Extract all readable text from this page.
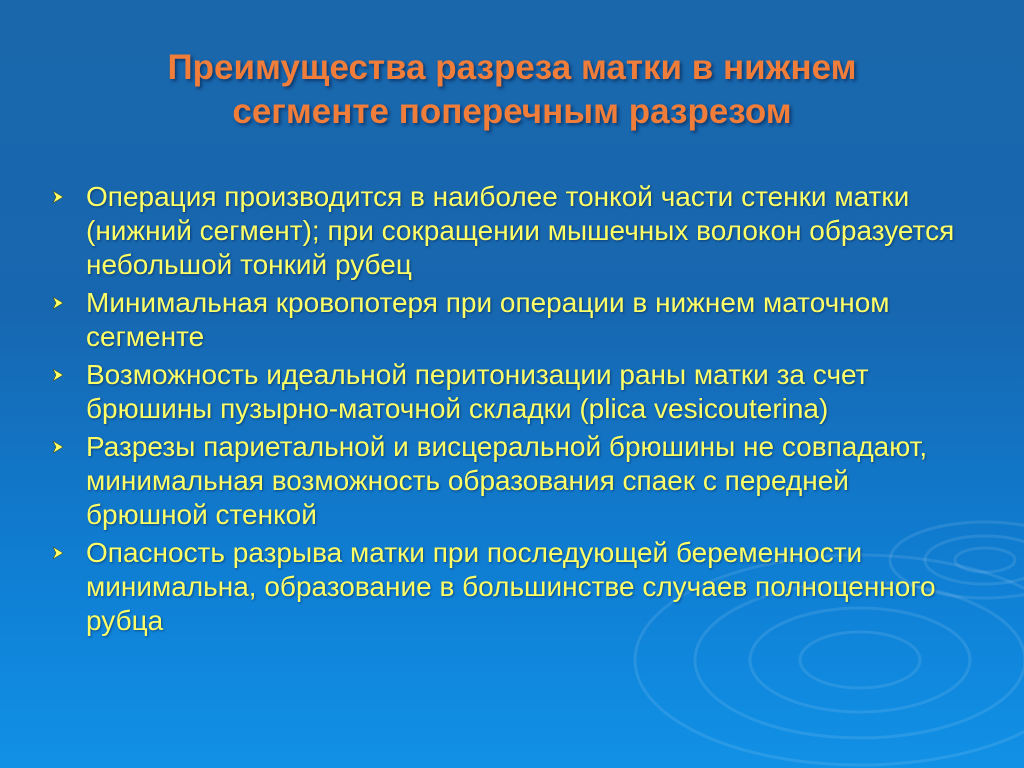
Преимущества разреза матки в нижнем
сегменте поперечным разрезом
Операция производится в наиболее тонкой части стенки матки (нижний сегмент); при сокращении мышечных волокон образуется небольшой тонкий рубец
Минимальная кровопотеря при операции в нижнем маточном сегменте
Возможность идеальной перитонизации раны матки за счет брюшины пузырно-маточной складки (plica vesicouterina)
Разрезы париетальной и висцеральной брюшины не совпадают, минимальная возможность образования спаек с передней брюшной стенкой
Опасность разрыва матки при последующей беременности минимальна, образование в большинстве случаев полноценного рубца
